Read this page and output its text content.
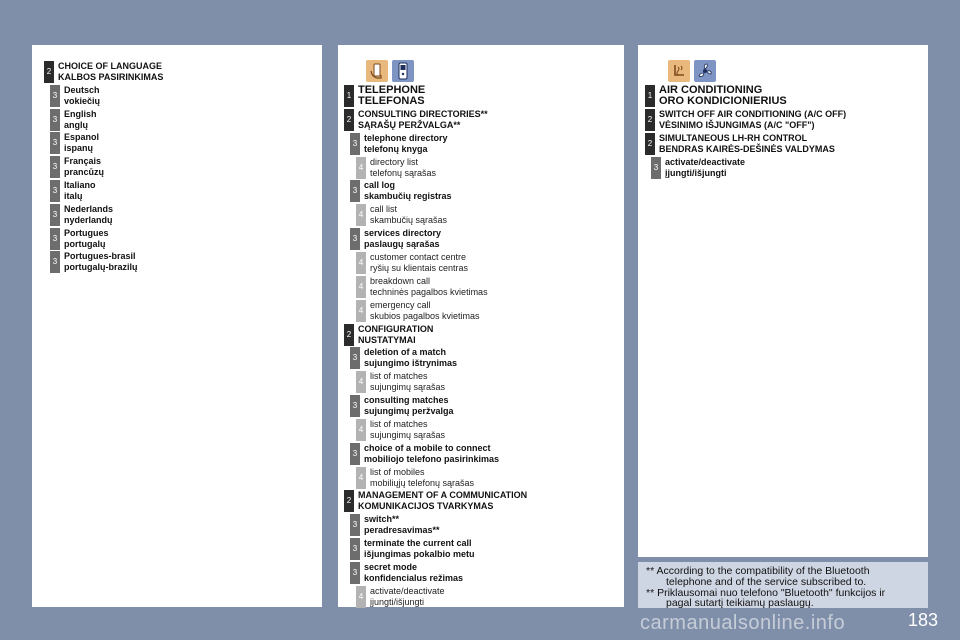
2
CHOICE OF LANGUAGE
KALBOS PASIRINKIMAS
3
Deutsch
vokiečių
3
English
anglų
3
Espanol
ispanų
3
Français
prancūzų
3
Italiano
italų
3
Nederlands
nyderlandų
3
Portugues
portugalų
3
Portugues-brasil
portugalų-brazilų
1 TELEPHONE
TELEFONAS
2
CONSULTING DIRECTORIES**
SĄRAŠŲ PERŽVALGA**
3
telephone directory
telefonų knyga
4
directory list
telefonų sąrašas
3
call log
skambučių registras
4
call list
skambučių sąrašas
3
services directory
paslaugų sąrašas
4
customer contact centre
ryšių su klientais centras
4
breakdown call
techninės pagalbos kvietimas
4
emergency call
skubios pagalbos kvietimas
2
CONFIGURATION
NUSTATYMAI
3
deletion of a match
sujungimo ištrynimas
4
list of matches
sujungimų sąrašas
3
consulting matches
sujungimų peržvalga
4
list of matches
sujungimų sąrašas
3
choice of a mobile to connect
mobiliojo telefono pasirinkimas
4
list of mobiles
mobiliųjų telefonų sąrašas
2
MANAGEMENT OF A COMMUNICATION
KOMUNIKACIJOS TVARKYMAS
3
switch**
peradresavimas**
3
terminate the current call
išjungimas pokalbio metu
3
secret mode
konfidencialus režimas
4
activate/deactivate
įjungti/išjungti
1 AIR CONDITIONING
ORO KONDICIONIERIUS
2
SWITCH OFF AIR CONDITIONING (A/C OFF)
VĖSINIMO IŠJUNGIMAS (A/C "OFF")
2
SIMULTANEOUS LH-RH CONTROL
BENDRAS KAIRĖS-DEŠINĖS VALDYMAS
3
activate/deactivate
įjungti/išjungti
** According to the compatibility of the Bluetooth
telephone and of the service subscribed to.
** Priklausomai nuo telefono "Bluetooth" funkcijos ir
pagal sutartį teikiamų paslaugų.
carmanualsonline.info	183
